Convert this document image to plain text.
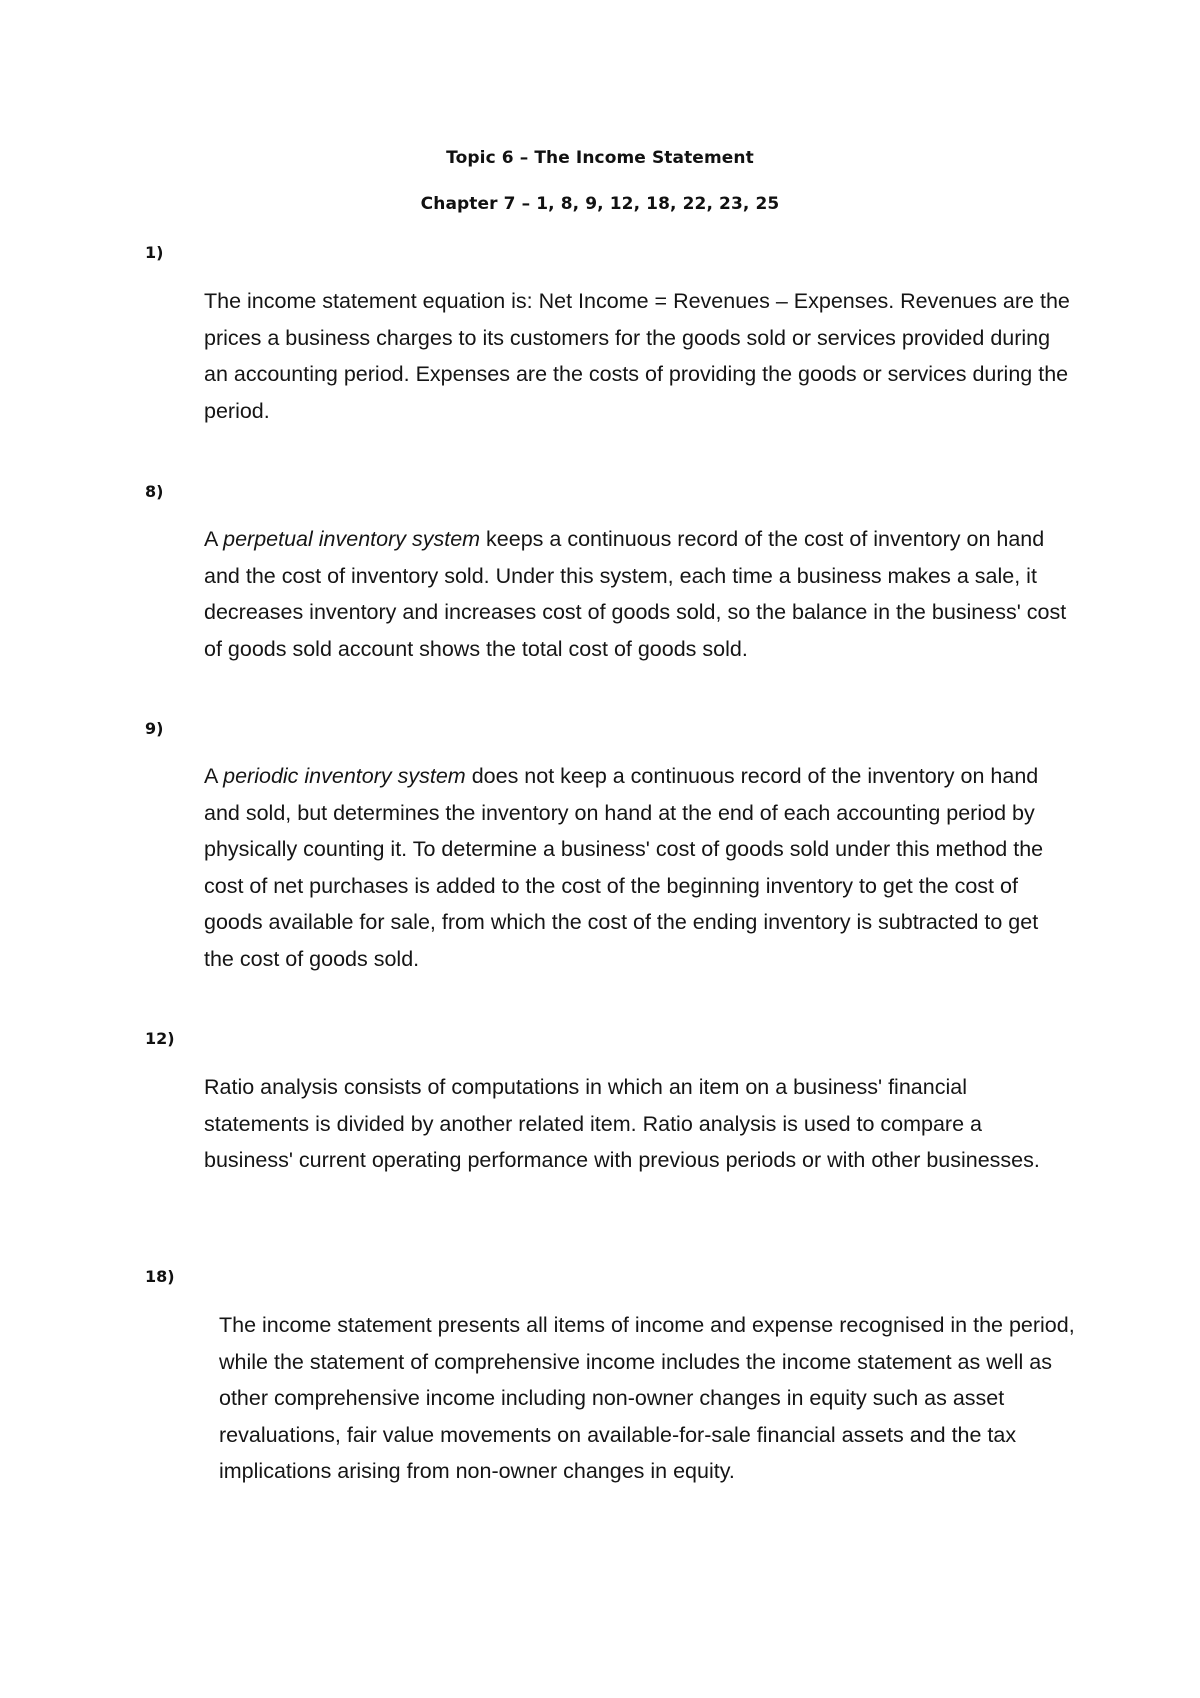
Topic 6 – The Income Statement
Chapter 7 – 1, 8, 9, 12, 18, 22, 23, 25
1)

The income statement equation is: Net Income = Revenues – Expenses. Revenues are the prices a business charges to its customers for the goods sold or services provided during an accounting period. Expenses are the costs of providing the goods or services during the period.

8)

A perpetual inventory system keeps a continuous record of the cost of inventory on hand and the cost of inventory sold. Under this system, each time a business makes a sale, it decreases inventory and increases cost of goods sold, so the balance in the business' cost of goods sold account shows the total cost of goods sold.

9)

A periodic inventory system does not keep a continuous record of the inventory on hand and sold, but determines the inventory on hand at the end of each accounting period by physically counting it. To determine a business' cost of goods sold under this method the cost of net purchases is added to the cost of the beginning inventory to get the cost of goods available for sale, from which the cost of the ending inventory is subtracted to get the cost of goods sold.

12)

Ratio analysis consists of computations in which an item on a business' financial statements is divided by another related item. Ratio analysis is used to compare a business' current operating performance with previous periods or with other businesses.

18)

The income statement presents all items of income and expense recognised in the period, while the statement of comprehensive income includes the income statement as well as other comprehensive income including non-owner changes in equity such as asset revaluations, fair value movements on available-for-sale financial assets and the tax implications arising from non-owner changes in equity.
